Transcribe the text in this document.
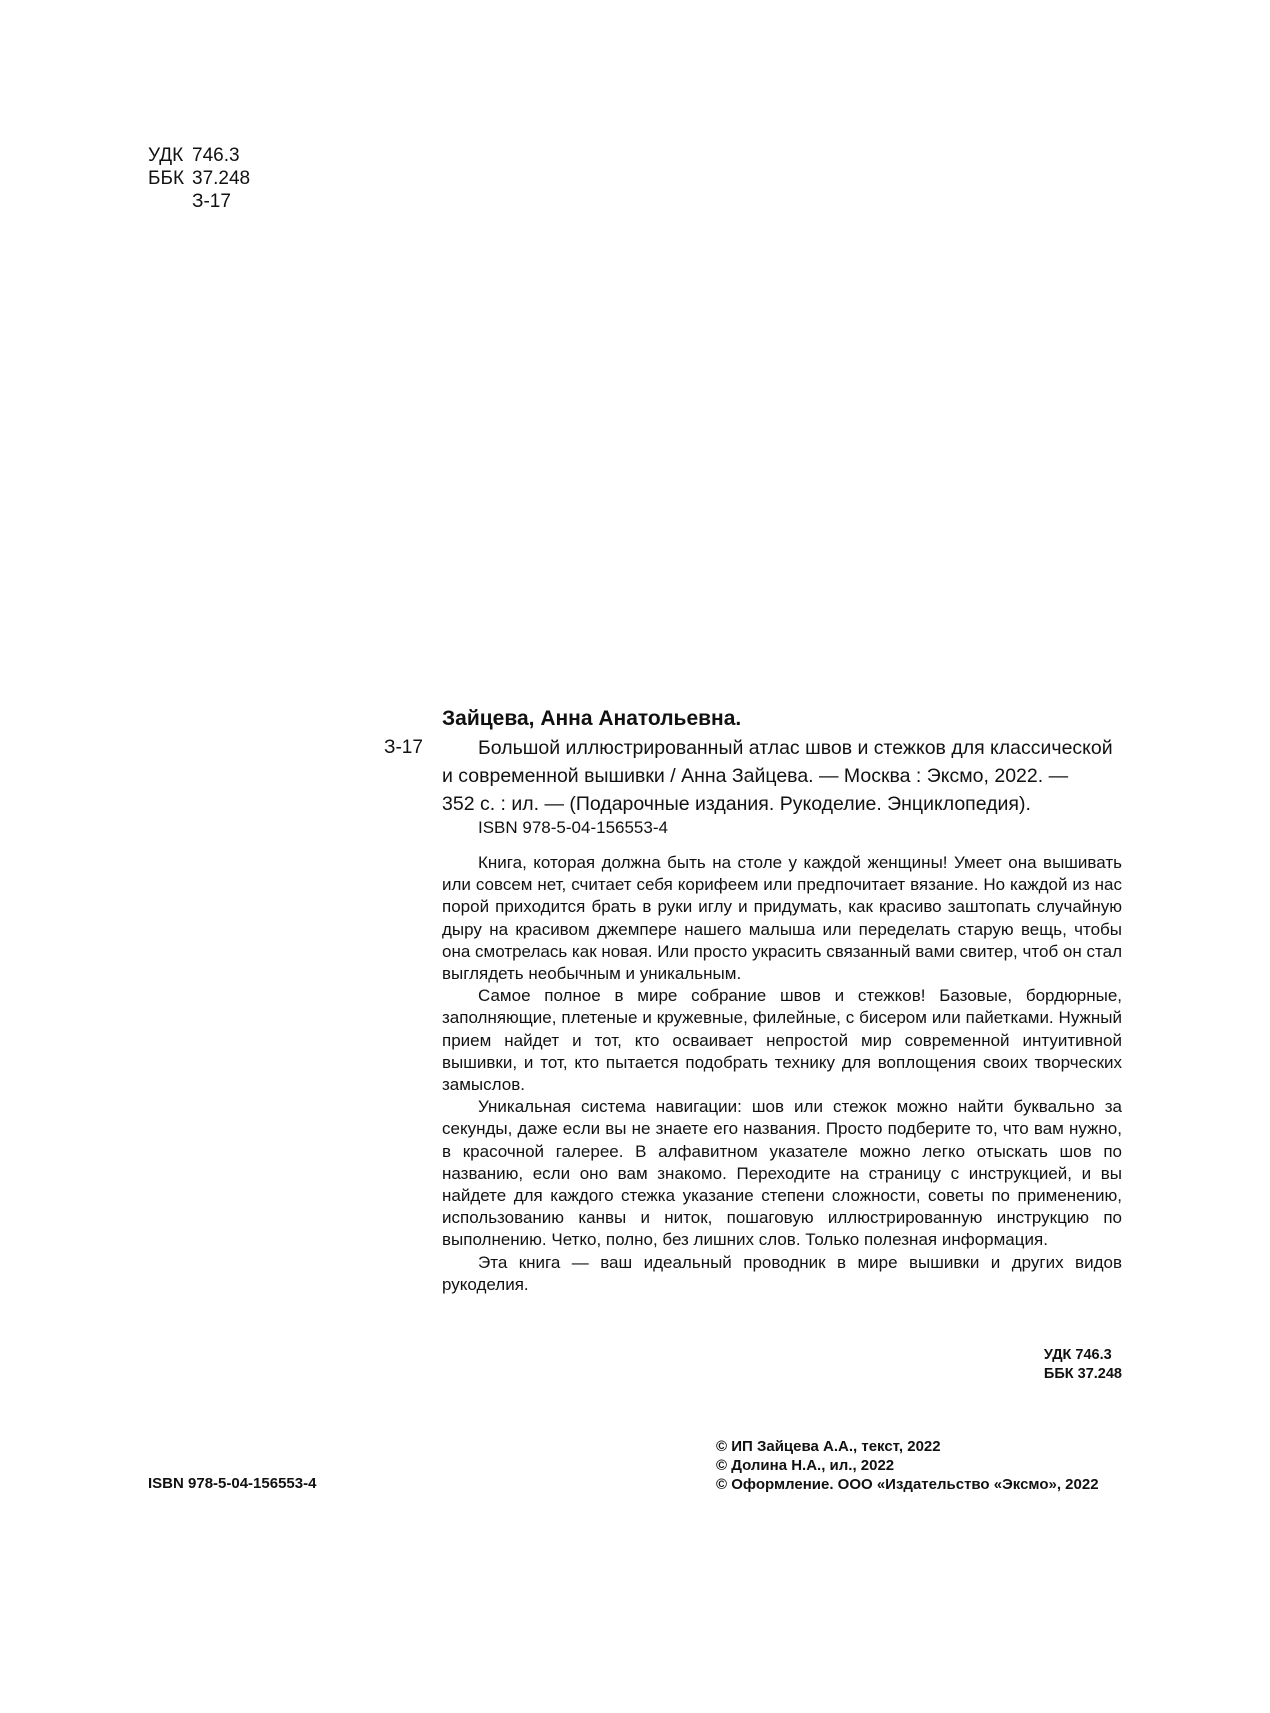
УДК 746.3
ББК 37.248
З-17
Зайцева, Анна Анатольевна.
З-17	Большой иллюстрированный атлас швов и стежков для классической
и современной вышивки / Анна Зайцева. — Москва : Эксмо, 2022. —
352 с. : ил. — (Подарочные издания. Рукоделие. Энциклопедия).
ISBN 978-5-04-156553-4

Книга, которая должна быть на столе у каждой женщины! Умеет она вышивать или совсем нет, считает себя корифеем или предпочитает вязание. Но каждой из нас порой приходится брать в руки иглу и придумать, как красиво заштопать случайную дыру на красивом джемпере нашего малыша или переделать старую вещь, чтобы она смотрелась как новая. Или просто украсить связанный вами свитер, чтоб он стал выглядеть необычным и уникальным.

Самое полное в мире собрание швов и стежков! Базовые, бордюрные, заполняющие, плетеные и кружевные, филейные, с бисером или пайетками. Нужный прием найдет и тот, кто осваивает непростой мир современной интуитивной вышивки, и тот, кто пытается подобрать технику для воплощения своих творческих замыслов.

Уникальная система навигации: шов или стежок можно найти буквально за секунды, даже если вы не знаете его названия. Просто подберите то, что вам нужно, в красочной галерее. В алфавитном указателе можно легко отыскать шов по названию, если оно вам знакомо. Переходите на страницу с инструкцией, и вы найдете для каждого стежка указание степени сложности, советы по применению, использованию канвы и ниток, пошаговую иллюстрированную инструкцию по выполнению. Четко, полно, без лишних слов. Только полезная информация.

Эта книга — ваш идеальный проводник в мире вышивки и других видов рукоделия.

УДК 746.3
ББК 37.248
© ИП Зайцева А.А., текст, 2022
© Долина Н.А., ил., 2022
© Оформление. ООО «Издательство «Эксмо», 2022
ISBN 978-5-04-156553-4
